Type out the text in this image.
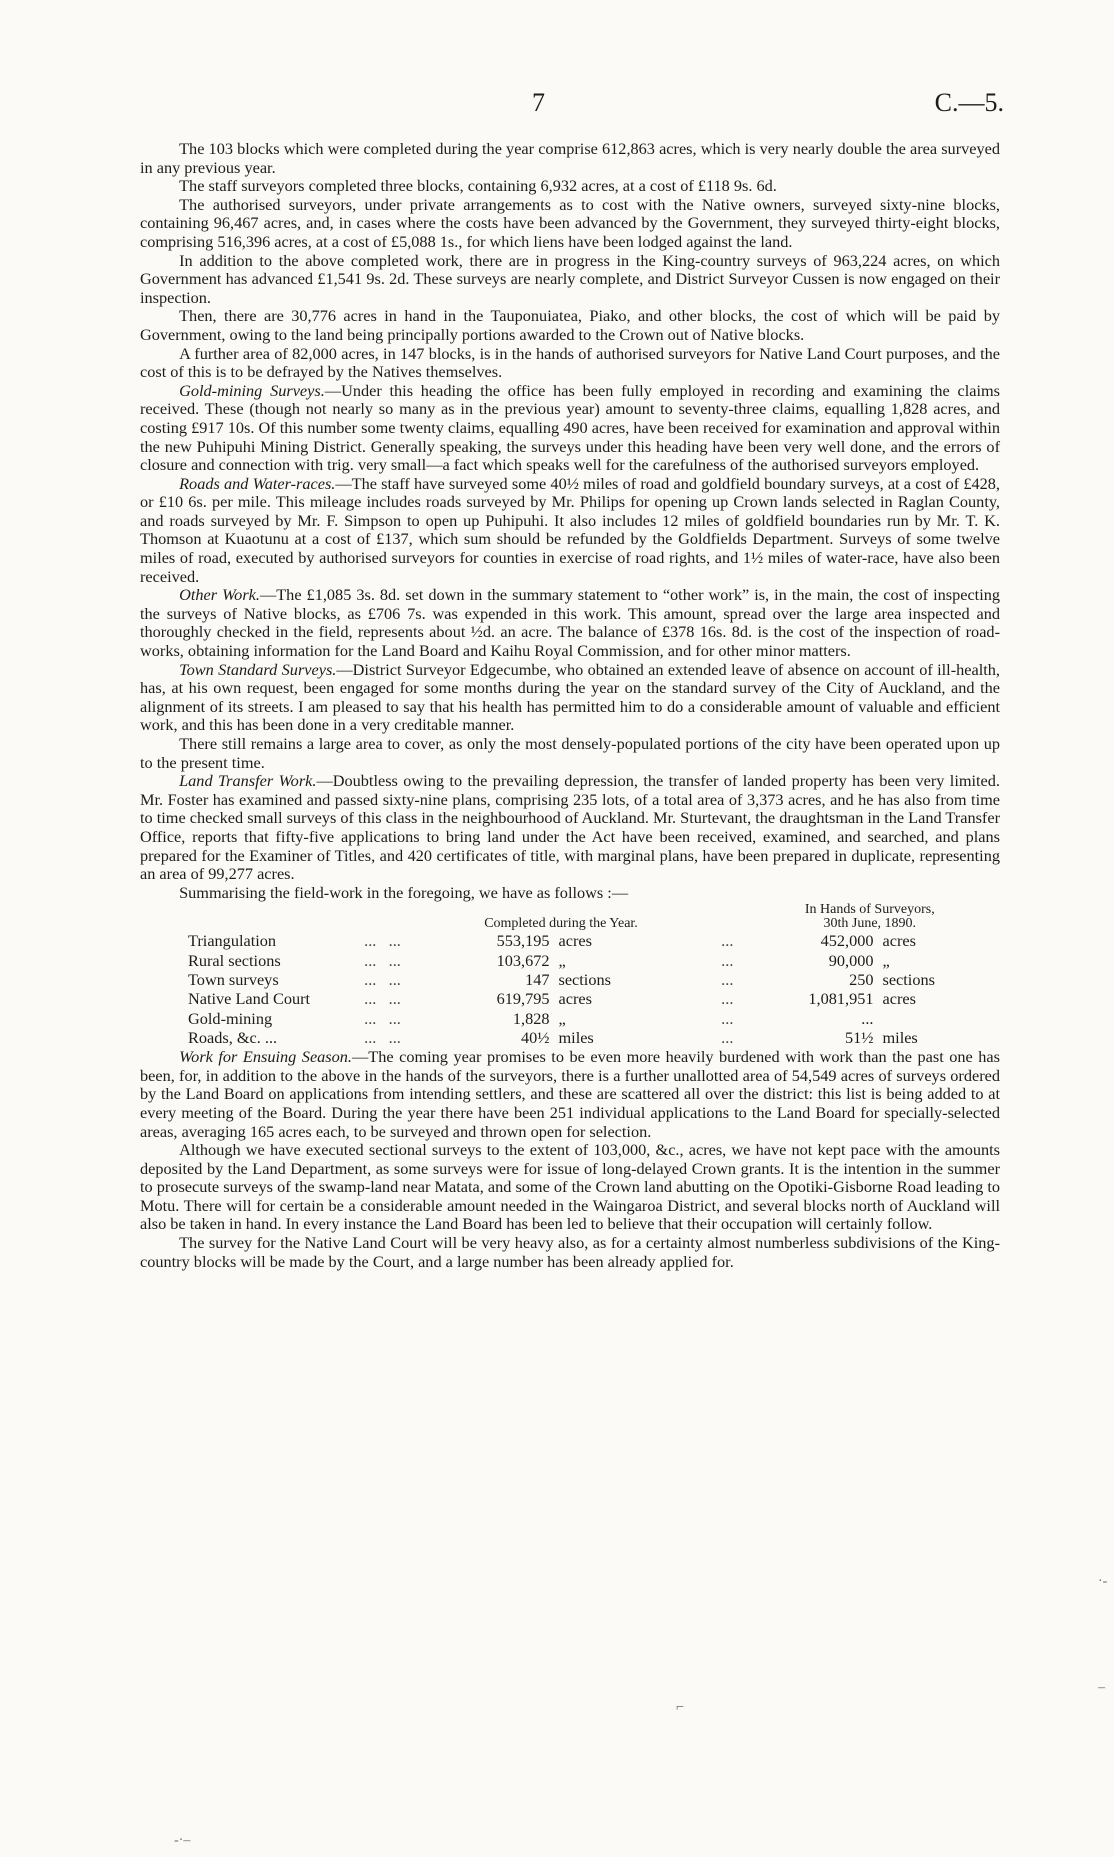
7	C.—5.

The 103 blocks which were completed during the year comprise 612,863 acres, which is very nearly double the area surveyed in any previous year.

The staff surveyors completed three blocks, containing 6,932 acres, at a cost of £118 9s. 6d.

The authorised surveyors, under private arrangements as to cost with the Native owners, surveyed sixty-nine blocks, containing 96,467 acres, and, in cases where the costs have been advanced by the Government, they surveyed thirty-eight blocks, comprising 516,396 acres, at a cost of £5,088 1s., for which liens have been lodged against the land.

In addition to the above completed work, there are in progress in the King-country surveys of 963,224 acres, on which Government has advanced £1,541 9s. 2d. These surveys are nearly complete, and District Surveyor Cussen is now engaged on their inspection.

Then, there are 30,776 acres in hand in the Tauponuiatea, Piako, and other blocks, the cost of which will be paid by Government, owing to the land being principally portions awarded to the Crown out of Native blocks.

A further area of 82,000 acres, in 147 blocks, is in the hands of authorised surveyors for Native Land Court purposes, and the cost of this is to be defrayed by the Natives themselves.

Gold-mining Surveys.—Under this heading the office has been fully employed in recording and examining the claims received. These (though not nearly so many as in the previous year) amount to seventy-three claims, equalling 1,828 acres, and costing £917 10s. Of this number some twenty claims, equalling 490 acres, have been received for examination and approval within the new Puhipuhi Mining District. Generally speaking, the surveys under this heading have been very well done, and the errors of closure and connection with trig. very small—a fact which speaks well for the carefulness of the authorised surveyors employed.

Roads and Water-races.—The staff have surveyed some 40½ miles of road and goldfield boundary surveys, at a cost of £428, or £10 6s. per mile. This mileage includes roads surveyed by Mr. Philips for opening up Crown lands selected in Raglan County, and roads surveyed by Mr. F. Simpson to open up Puhipuhi. It also includes 12 miles of goldfield boundaries run by Mr. T. K. Thomson at Kuaotunu at a cost of £137, which sum should be refunded by the Goldfields Department. Surveys of some twelve miles of road, executed by authorised surveyors for counties in exercise of road rights, and 1½ miles of water-race, have also been received.

Other Work.—The £1,085 3s. 8d. set down in the summary statement to “other work” is, in the main, the cost of inspecting the surveys of Native blocks, as £706 7s. was expended in this work. This amount, spread over the large area inspected and thoroughly checked in the field, represents about ½d. an acre. The balance of £378 16s. 8d. is the cost of the inspection of road-works, obtaining information for the Land Board and Kaihu Royal Commission, and for other minor matters.

Town Standard Surveys.—District Surveyor Edgecumbe, who obtained an extended leave of absence on account of ill-health, has, at his own request, been engaged for some months during the year on the standard survey of the City of Auckland, and the alignment of its streets. I am pleased to say that his health has permitted him to do a considerable amount of valuable and efficient work, and this has been done in a very creditable manner.

There still remains a large area to cover, as only the most densely-populated portions of the city have been operated upon up to the present time.

Land Transfer Work.—Doubtless owing to the prevailing depression, the transfer of landed property has been very limited. Mr. Foster has examined and passed sixty-nine plans, comprising 235 lots, of a total area of 3,373 acres, and he has also from time to time checked small surveys of this class in the neighbourhood of Auckland. Mr. Sturtevant, the draughtsman in the Land Transfer Office, reports that fifty-five applications to bring land under the Act have been received, examined, and searched, and plans prepared for the Examiner of Titles, and 420 certificates of title, with marginal plans, have been prepared in duplicate, representing an area of 99,277 acres.

Summarising the field-work in the foregoing, we have as follows :—

			Completed during the Year.			In Hands of Surveyors,
30th June, 1890.	
Triangulation	...	...	553,195	acres	...	452,000	acres
Rural sections	...	...	103,672	„	...	90,000	„
Town surveys	...	...	147	sections	...	250	sections
Native Land Court	...	...	619,795	acres	...	1,081,951	acres
Gold-mining	...	...	1,828	„	...	...	
Roads, &c. ...	...	...	40½	miles	...	51½	miles

Work for Ensuing Season.—The coming year promises to be even more heavily burdened with work than the past one has been, for, in addition to the above in the hands of the surveyors, there is a further unallotted area of 54,549 acres of surveys ordered by the Land Board on applications from intending settlers, and these are scattered all over the district: this list is being added to at every meeting of the Board. During the year there have been 251 individual applications to the Land Board for specially-selected areas, averaging 165 acres each, to be surveyed and thrown open for selection.

Although we have executed sectional surveys to the extent of 103,000, &c., acres, we have not kept pace with the amounts deposited by the Land Department, as some surveys were for issue of long-delayed Crown grants. It is the intention in the summer to prosecute surveys of the swamp-land near Matata, and some of the Crown land abutting on the Opotiki-Gisborne Road leading to Motu. There will for certain be a considerable amount needed in the Waingaroa District, and several blocks north of Auckland will also be taken in hand. In every instance the Land Board has been led to believe that their occupation will certainly follow.

The survey for the Native Land Court will be very heavy also, as for a certainty almost numberless subdivisions of the King-country blocks will be made by the Court, and a large number has been already applied for.

·‑
–
⌐
‑·–
